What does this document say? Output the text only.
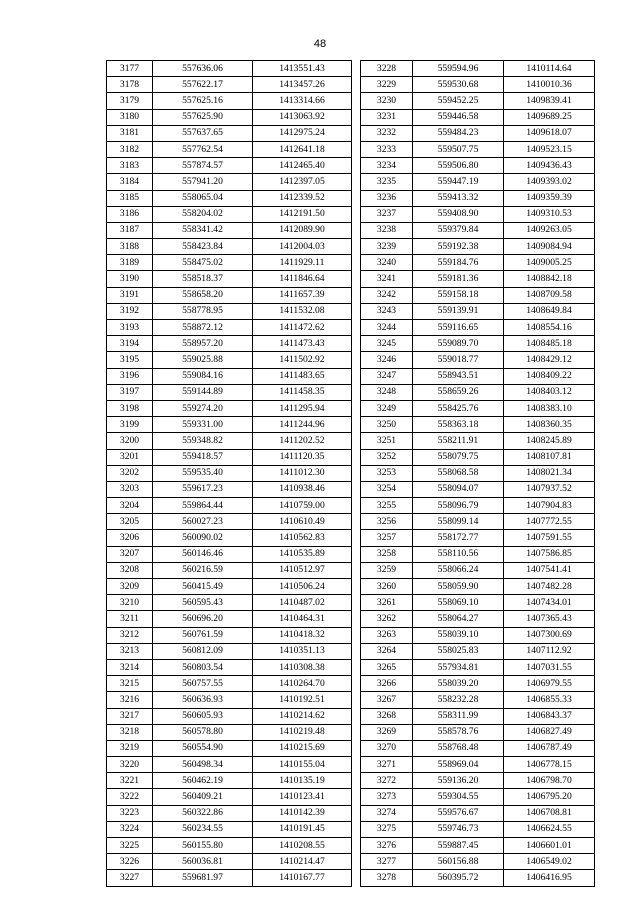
48
3177	557636.06	1413551.43
3178	557622.17	1413457.26
3179	557625.16	1413314.66
3180	557625.90	1413063.92
3181	557637.65	1412975.24
3182	557762.54	1412641.18
3183	557874.57	1412465.40
3184	557941.20	1412397.05
3185	558065.04	1412339.52
3186	558204.02	1412191.50
3187	558341.42	1412089.90
3188	558423.84	1412004.03
3189	558475.02	1411929.11
3190	558518.37	1411846.64
3191	558658.20	1411657.39
3192	558778.95	1411532.08
3193	558872.12	1411472.62
3194	558957.20	1411473.43
3195	559025.88	1411502.92
3196	559084.16	1411483.65
3197	559144.89	1411458.35
3198	559274.20	1411295.94
3199	559331.00	1411244.96
3200	559348.82	1411202.52
3201	559418.57	1411120.35
3202	559535.40	1411012.30
3203	559617.23	1410938.46
3204	559864.44	1410759.00
3205	560027.23	1410610.49
3206	560090.02	1410562.83
3207	560146.46	1410535.89
3208	560216.59	1410512.97
3209	560415.49	1410506.24
3210	560595.43	1410487.02
3211	560696.20	1410464.31
3212	560761.59	1410418.32
3213	560812.09	1410351.13
3214	560803.54	1410308.38
3215	560757.55	1410264.70
3216	560636.93	1410192.51
3217	560605.93	1410214.62
3218	560578.80	1410219.48
3219	560554.90	1410215.69
3220	560498.34	1410155.04
3221	560462.19	1410135.19
3222	560409.21	1410123.41
3223	560322.86	1410142.39
3224	560234.55	1410191.45
3225	560155.80	1410208.55
3226	560036.81	1410214.47
3227	559681.97	1410167.77
3228	559594.96	1410114.64
3229	559530.68	1410010.36
3230	559452.25	1409839.41
3231	559446.58	1409689.25
3232	559484.23	1409618.07
3233	559507.75	1409523.15
3234	559506.80	1409436.43
3235	559447.19	1409393.02
3236	559413.32	1409359.39
3237	559408.90	1409310.53
3238	559379.84	1409263.05
3239	559192.38	1409084.94
3240	559184.76	1409005.25
3241	559181.36	1408842.18
3242	559158.18	1408709.58
3243	559139.91	1408649.84
3244	559116.65	1408554.16
3245	559089.70	1408485.18
3246	559018.77	1408429.12
3247	558943.51	1408409.22
3248	558659.26	1408403.12
3249	558425.76	1408383.10
3250	558363.18	1408360.35
3251	558211.91	1408245.89
3252	558079.75	1408107.81
3253	558068.58	1408021.34
3254	558094.07	1407937.52
3255	558096.79	1407904.83
3256	558099.14	1407772.55
3257	558172.77	1407591.55
3258	558110.56	1407586.85
3259	558066.24	1407541.41
3260	558059.90	1407482.28
3261	558069.10	1407434.01
3262	558064.27	1407365.43
3263	558039.10	1407300.69
3264	558025.83	1407112.92
3265	557934.81	1407031.55
3266	558039.20	1406979.55
3267	558232.28	1406855.33
3268	558311.99	1406843.37
3269	558578.76	1406827.49
3270	558768.48	1406787.49
3271	558969.04	1406778.15
3272	559136.20	1406798.70
3273	559304.55	1406795.20
3274	559576.67	1406708.81
3275	559746.73	1406624.55
3276	559887.45	1406601.01
3277	560156.88	1406549.02
3278	560395.72	1406416.95
